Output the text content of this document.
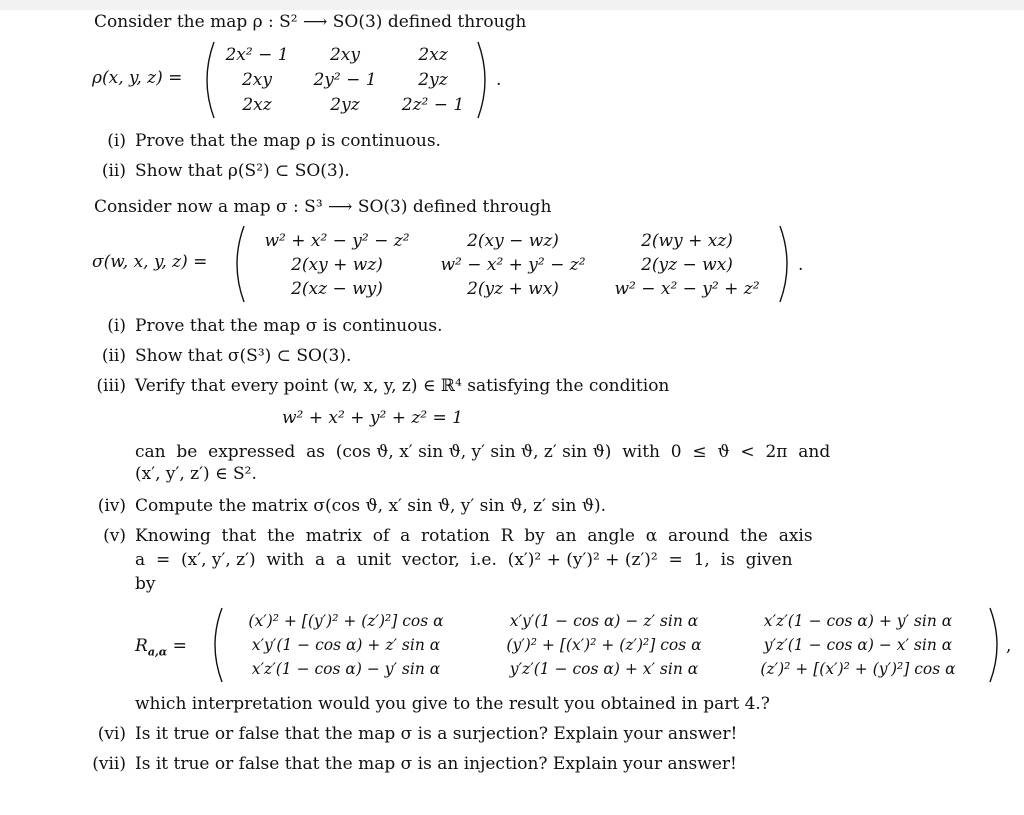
Consider the map ρ : S² ⟶ SO(3) defined through
ρ(x, y, z) =
2x² − 1	2xy	2xz
2xy	2y² − 1	2yz
2xz	2yz	2z² − 1
.
(i) Prove that the map ρ is continuous.
(ii) Show that ρ(S²) ⊂ SO(3).
Consider now a map σ : S³ ⟶ SO(3) defined through
σ(w, x, y, z) =
w² + x² − y² − z²	2(xy − wz)	2(wy + xz)
2(xy + wz)	w² − x² + y² − z²	2(yz − wx)
2(xz − wy)	2(yz + wx)	w² − x² − y² + z²
.
(i) Prove that the map σ is continuous.
(ii) Show that σ(S³) ⊂ SO(3).
(iii) Verify that every point (w, x, y, z) ∈ ℝ⁴ satisfying the condition
w² + x² + y² + z² = 1
can  be  expressed  as  (cos ϑ, x′ sin ϑ, y′ sin ϑ, z′ sin ϑ)  with  0  ≤  ϑ  <  2π  and
(x′, y′, z′) ∈ S².
(iv) Compute the matrix σ(cos ϑ, x′ sin ϑ, y′ sin ϑ, z′ sin ϑ).
(v) Knowing  that  the  matrix  of  a  rotation  R  by  an  angle  α  around  the  axis
a  =  (x′, y′, z′)  with  a  a  unit  vector,  i.e.  (x′)² + (y′)² + (z′)²  =  1,  is  given
by
$R_{a,\alpha}$ =
(x′)² + [(y′)² + (z′)²] cos α	x′y′(1 − cos α) − z′ sin α	x′z′(1 − cos α) + y′ sin α
x′y′(1 − cos α) + z′ sin α	(y′)² + [(x′)² + (z′)²] cos α	y′z′(1 − cos α) − x′ sin α
x′z′(1 − cos α) − y′ sin α	y′z′(1 − cos α) + x′ sin α	(z′)² + [(x′)² + (y′)²] cos α
,
which interpretation would you give to the result you obtained in part 4.?
(vi) Is it true or false that the map σ is a surjection? Explain your answer!
(vii) Is it true or false that the map σ is an injection? Explain your answer!
